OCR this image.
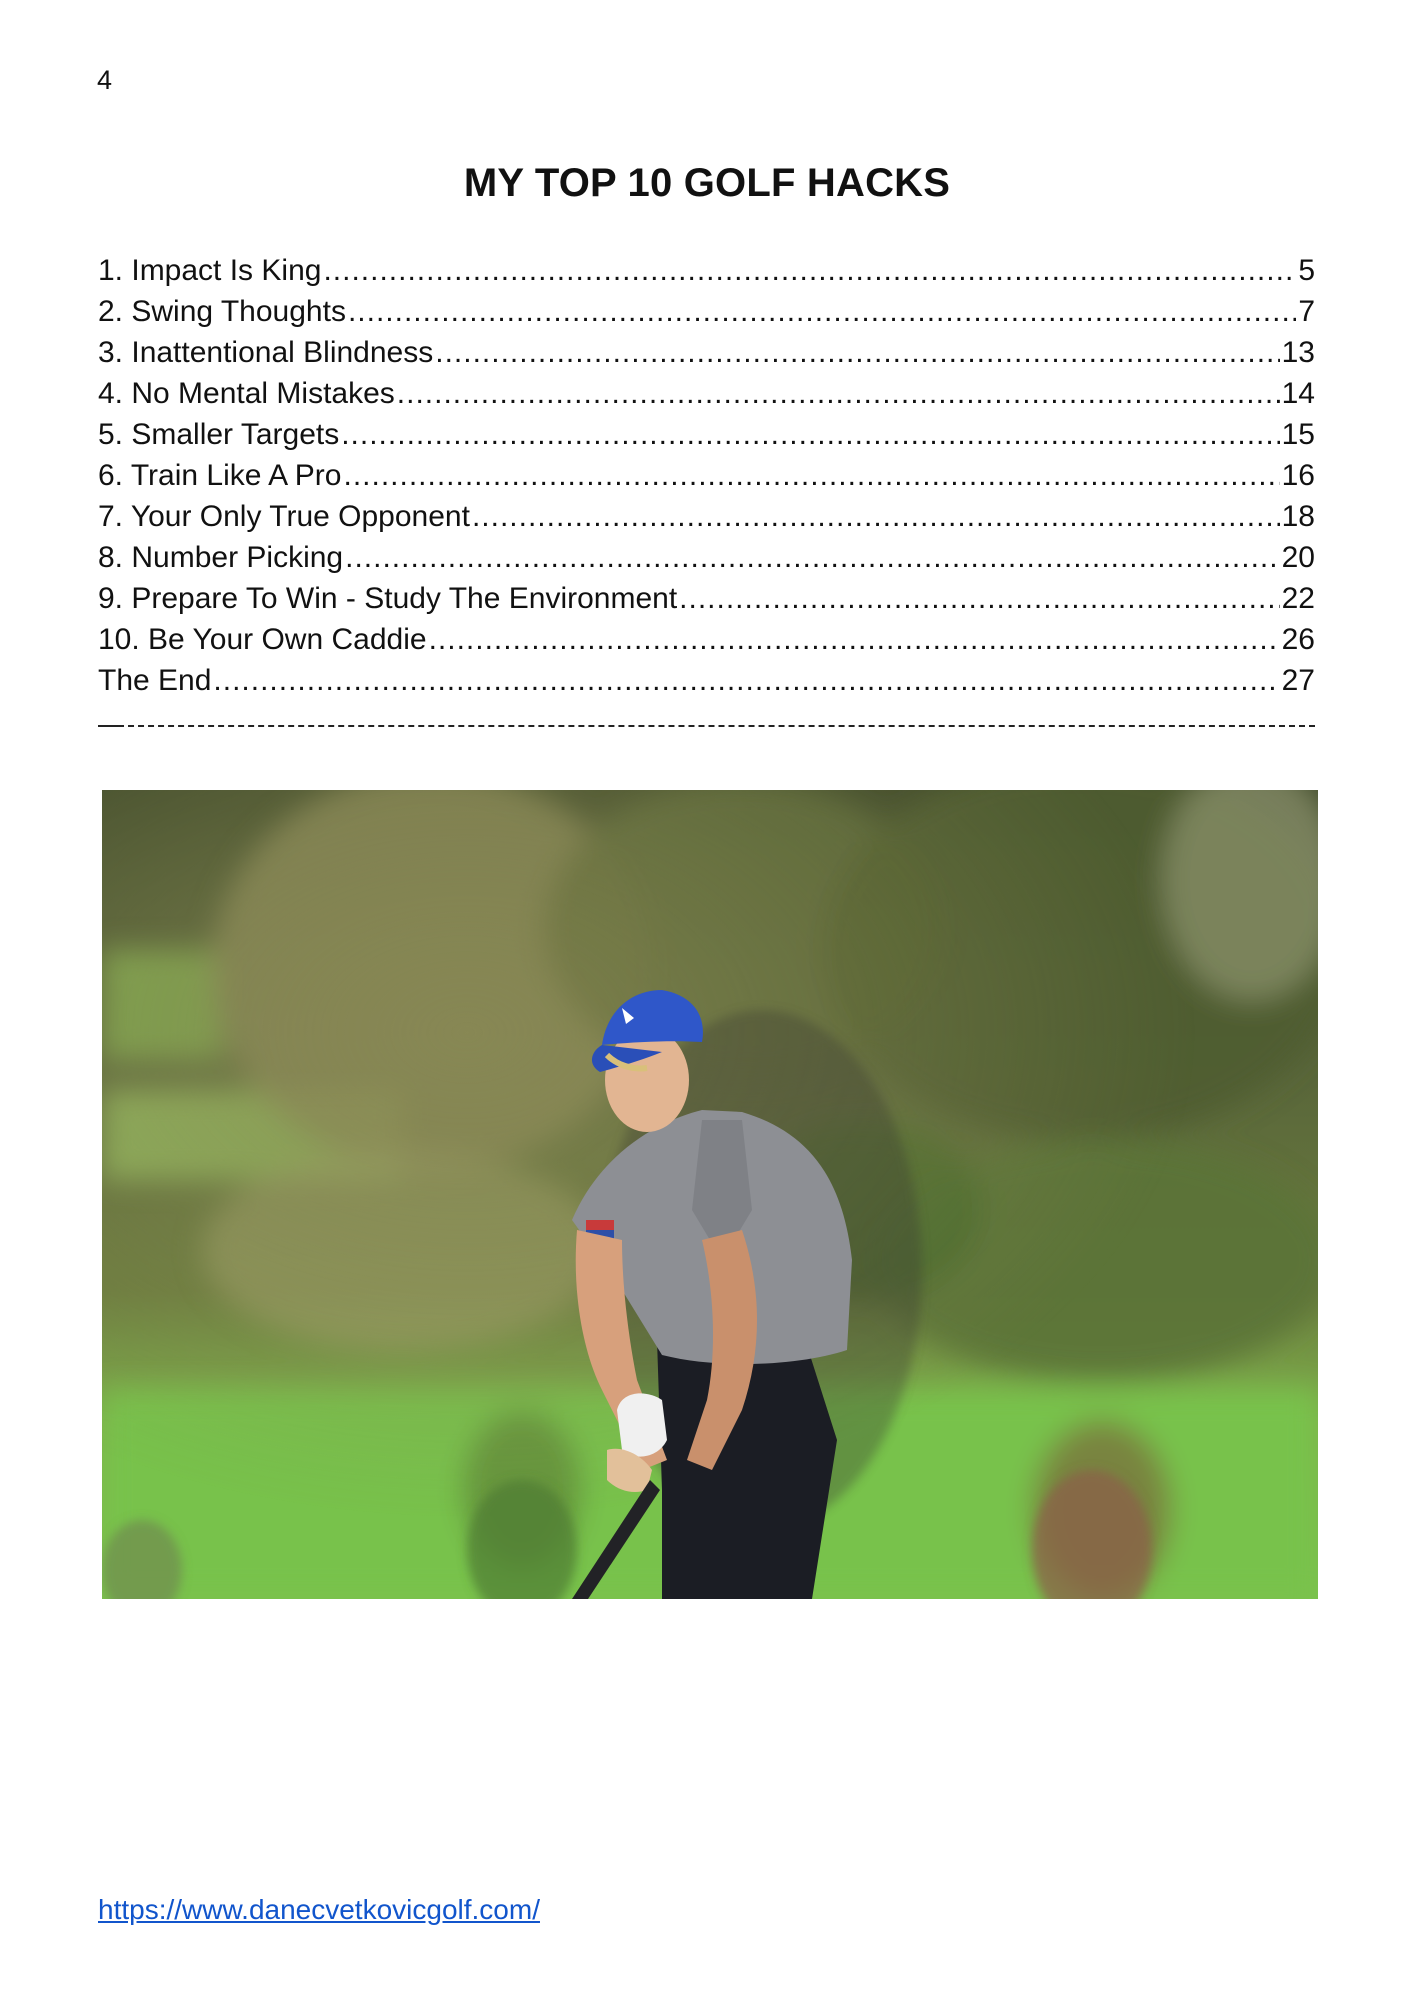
4
MY TOP 10 GOLF HACKS
1. Impact Is King .....	5
2. Swing Thoughts .....	7
3. Inattentional Blindness .....	13
4. No Mental Mistakes .....	14
5. Smaller Targets .....	15
6. Train Like A Pro .....	16
7. Your Only True Opponent .....	18
8. Number Picking .....	20
9. Prepare To Win - Study The Environment .....	22
10. Be Your Own Caddie .....	26
The End .....	27
https://www.danecvetkovicgolf.com/
